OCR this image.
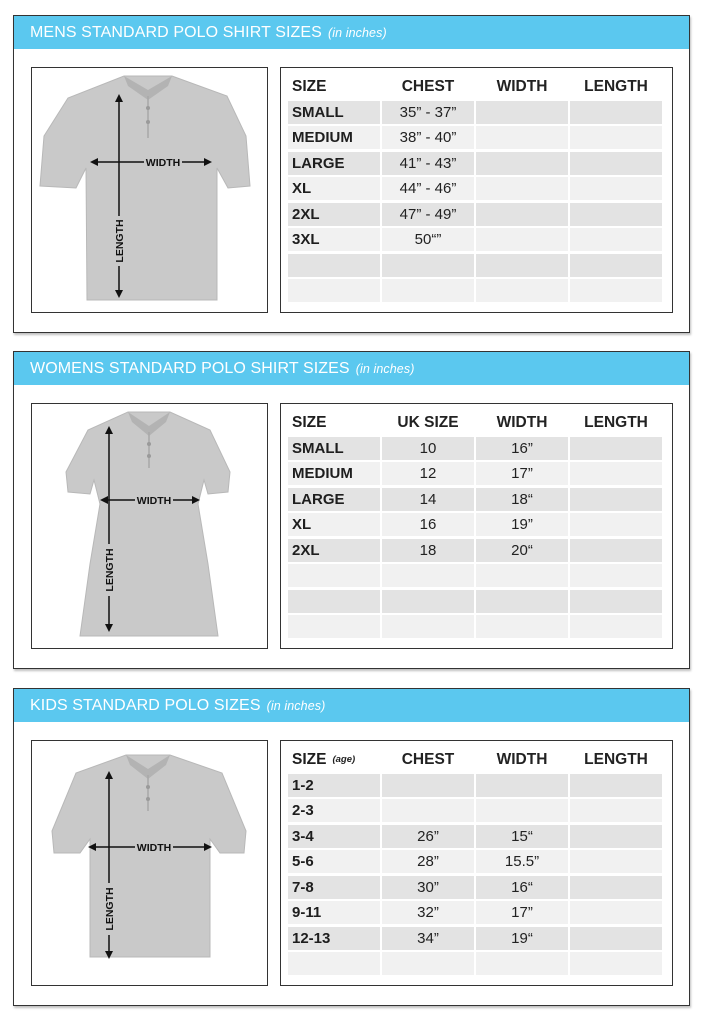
MENS STANDARD POLO SHIRT SIZES (in inches)
WIDTH
LENGTH
SIZE	CHEST	WIDTH	LENGTH
SMALL	35” - 37”
MEDIUM	38” - 40”
LARGE	41” - 43”
XL	44” - 46”
2XL	47” - 49”
3XL	50“”
WOMENS STANDARD POLO SHIRT SIZES (in inches)
WIDTH
LENGTH
SIZE	UK SIZE	WIDTH	LENGTH
SMALL	10	16”
MEDIUM	12	17”
LARGE	14	18“
XL	16	19”
2XL	18	20“
KIDS STANDARD POLO SIZES (in inches)
WIDTH
LENGTH
SIZE (age)	CHEST	WIDTH	LENGTH
1-2
2-3
3-4	26”	15“
5-6	28”	15.5”
7-8	30”	16“
9-11	32”	17”
12-13	34”	19“
